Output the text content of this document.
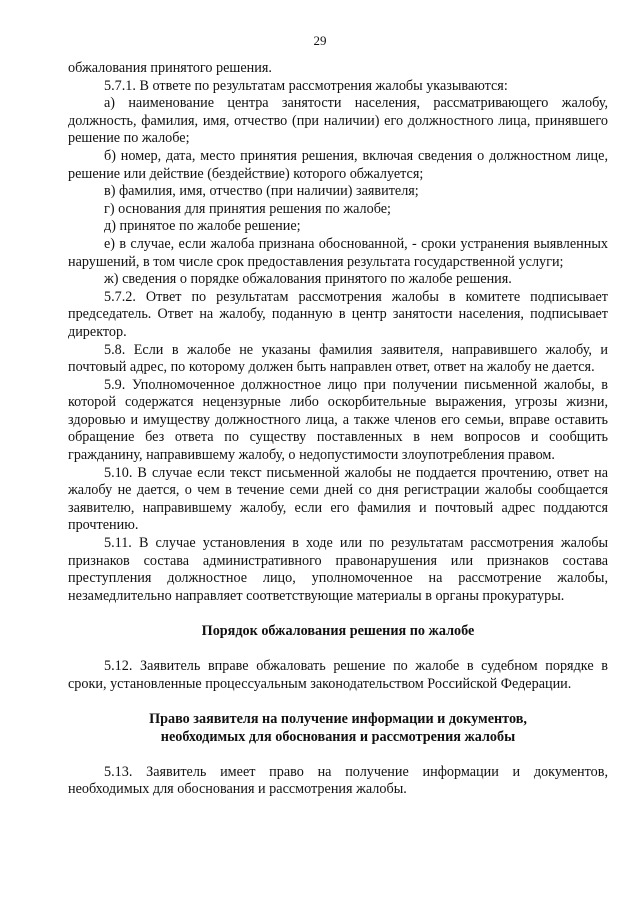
29

обжалования принятого решения.

5.7.1. В ответе по результатам рассмотрения жалобы указываются:

а) наименование центра занятости населения, рассматривающего жалобу, должность, фамилия, имя, отчество (при наличии) его должностного лица, принявшего решение по жалобе;

б) номер, дата, место принятия решения, включая сведения о должностном лице, решение или действие (бездействие) которого обжалуется;

в) фамилия, имя, отчество (при наличии) заявителя;

г) основания для принятия решения по жалобе;

д) принятое по жалобе решение;

е) в случае, если жалоба признана обоснованной, - сроки устранения выявленных нарушений, в том числе срок предоставления результата государственной услуги;

ж) сведения о порядке обжалования принятого по жалобе решения.

5.7.2. Ответ по результатам рассмотрения жалобы в комитете подписывает председатель. Ответ на жалобу, поданную в центр занятости населения, подписывает директор.

5.8. Если в жалобе не указаны фамилия заявителя, направившего жалобу, и почтовый адрес, по которому должен быть направлен ответ, ответ на жалобу не дается.

5.9. Уполномоченное должностное лицо при получении письменной жалобы, в которой содержатся нецензурные либо оскорбительные выражения, угрозы жизни, здоровью и имуществу должностного лица, а также членов его семьи, вправе оставить обращение без ответа по существу поставленных в нем вопросов и сообщить гражданину, направившему жалобу, о недопустимости злоупотребления правом.

5.10. В случае если текст письменной жалобы не поддается прочтению, ответ на жалобу не дается, о чем в течение семи дней со дня регистрации жалобы сообщается заявителю, направившему жалобу, если его фамилия и почтовый адрес поддаются прочтению.

5.11. В случае установления в ходе или по результатам рассмотрения жалобы признаков состава административного правонарушения или признаков состава преступления должностное лицо, уполномоченное на рассмотрение жалобы, незамедлительно направляет соответствующие материалы в органы прокуратуры.

Порядок обжалования решения по жалобе

5.12. Заявитель вправе обжаловать решение по жалобе в судебном порядке в сроки, установленные процессуальным законодательством Российской Федерации.

Право заявителя на получение информации и документов,
необходимых для обоснования и рассмотрения жалобы

5.13. Заявитель имеет право на получение информации и документов, необходимых для обоснования и рассмотрения жалобы.
